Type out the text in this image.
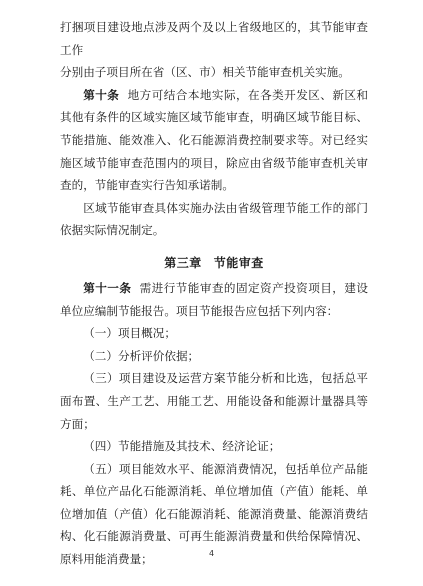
打捆项目建设地点涉及两个及以上省级地区的，其节能审查工作

分别由子项目所在省（区、市）相关节能审查机关实施。

第十条 地方可结合本地实际，在各类开发区、新区和其他有条件的区域实施区域节能审查，明确区域节能目标、节能措施、能效准入、化石能源消费控制要求等。对已经实施区域节能审查范围内的项目，除应由省级节能审查机关审查的，节能审查实行告知承诺制。

区域节能审查具体实施办法由省级管理节能工作的部门依据实际情况制定。

第三章 节能审查

第十一条 需进行节能审查的固定资产投资项目，建设单位应编制节能报告。项目节能报告应包括下列内容：

（一）项目概况；

（二）分析评价依据；

（三）项目建设及运营方案节能分析和比选，包括总平面布置、生产工艺、用能工艺、用能设备和能源计量器具等方面；

（四）节能措施及其技术、经济论证；

（五）项目能效水平、能源消费情况，包括单位产品能耗、单位产品化石能源消耗、单位增加值（产值）能耗、单位增加值（产值）化石能源消耗、能源消费量、能源消费结构、化石能源消费量、可再生能源消费量和供给保障情况、原料用能消费量；	4
